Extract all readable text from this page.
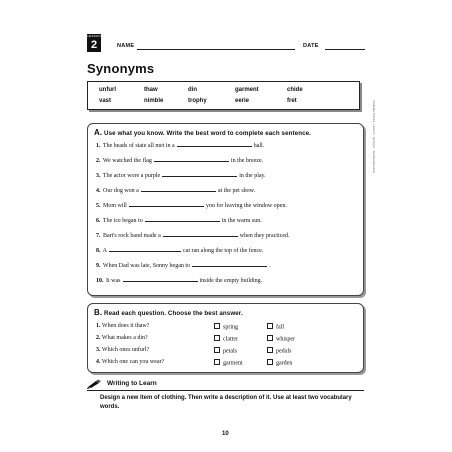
LESSON
2	NAME	DATE
Synonyms
unfurl	thaw	din	garment	chide
vast	nimble	trophy	eerie	fret
A. Use what you know. Write the best word to complete each sentence.
1. The heads of state all met in a	hall.
2. We watched the flag	in the breeze.
3. The actor wore a purple	in the play.
4. Our dog won a	at the pet show.
5. Mom will	you for leaving the window open.
6. The ice began to	in the warm sun.
7. Bart's rock band made a	when they practiced.
8. A	cat ran along the top of the fence.
9. When Dad was late, Sonny began to	.
10. It was	inside the empty building.
B. Read each question. Choose the best answer.
1. When does it thaw?	spring	fall
2. What makes a din?	clatter	whisper
3. Which ones unfurl?	petals	pedals
4. Which one can you wear?	garment	garden
Writing to Learn
Design a new item of clothing. Then write a description of it. Use at least two vocabulary words.
10
Vocabulary Practice · Lesson 2 · Synonyms · Teaching Resources
